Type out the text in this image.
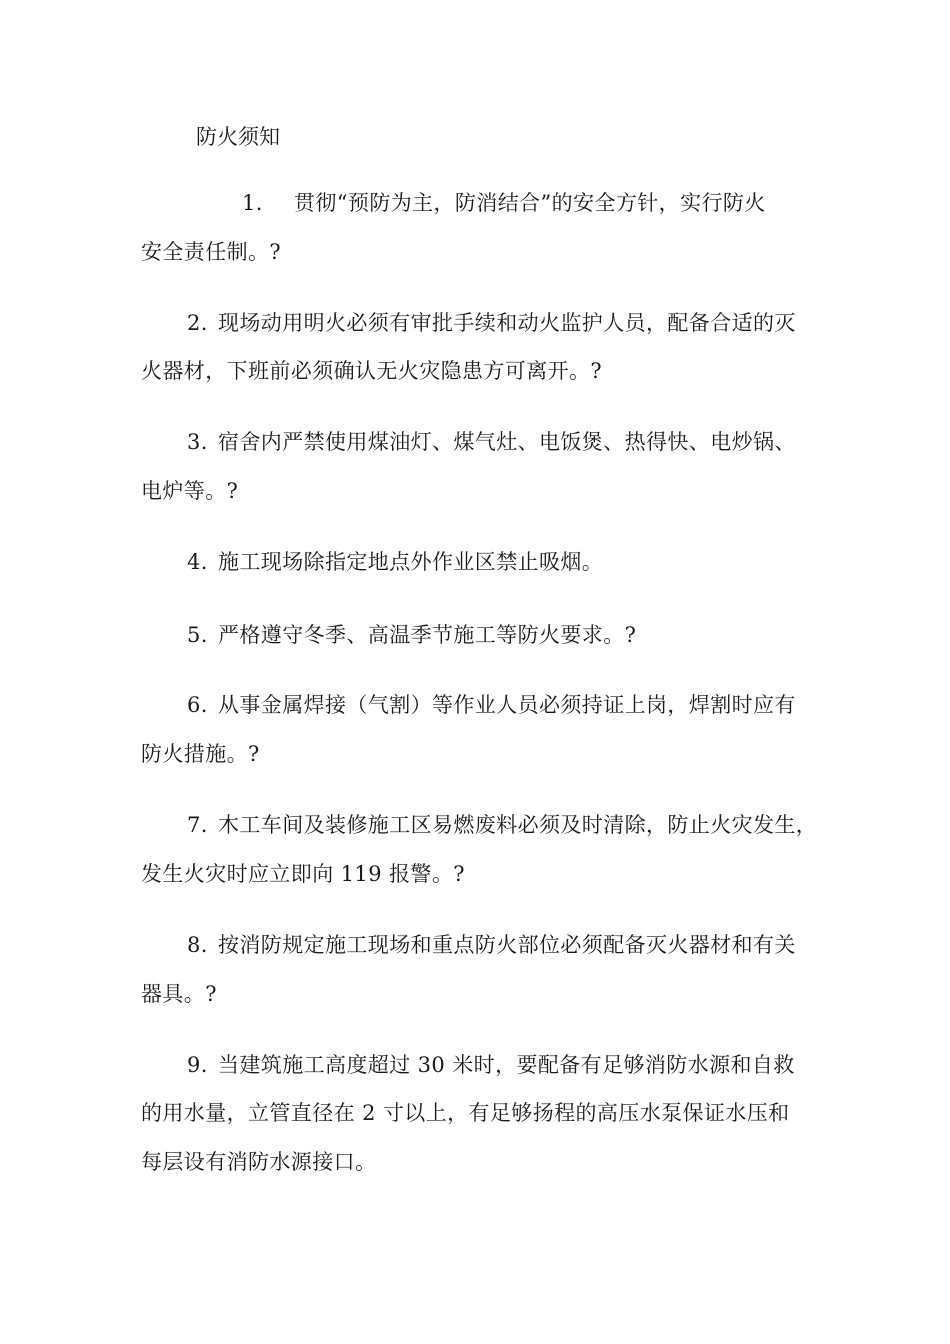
防火须知
1. 贯彻“预防为主，防消结合”的安全方针，实行防火
安全责任制。?
2. 现场动用明火必须有审批手续和动火监护人员，配备合适的灭
火器材，下班前必须确认无火灾隐患方可离开。?
3. 宿舍内严禁使用煤油灯、煤气灶、电饭煲、热得快、电炒锅、
电炉等。?
4. 施工现场除指定地点外作业区禁止吸烟。
5. 严格遵守冬季、高温季节施工等防火要求。?
6. 从事金属焊接（气割）等作业人员必须持证上岗，焊割时应有
防火措施。?
7. 木工车间及装修施工区易燃废料必须及时清除，防止火灾发生，
发生火灾时应立即向 119 报警。?
8. 按消防规定施工现场和重点防火部位必须配备灭火器材和有关
器具。?
9. 当建筑施工高度超过 30 米时，要配备有足够消防水源和自救
的用水量，立管直径在 2 寸以上，有足够扬程的高压水泵保证水压和
每层设有消防水源接口。
